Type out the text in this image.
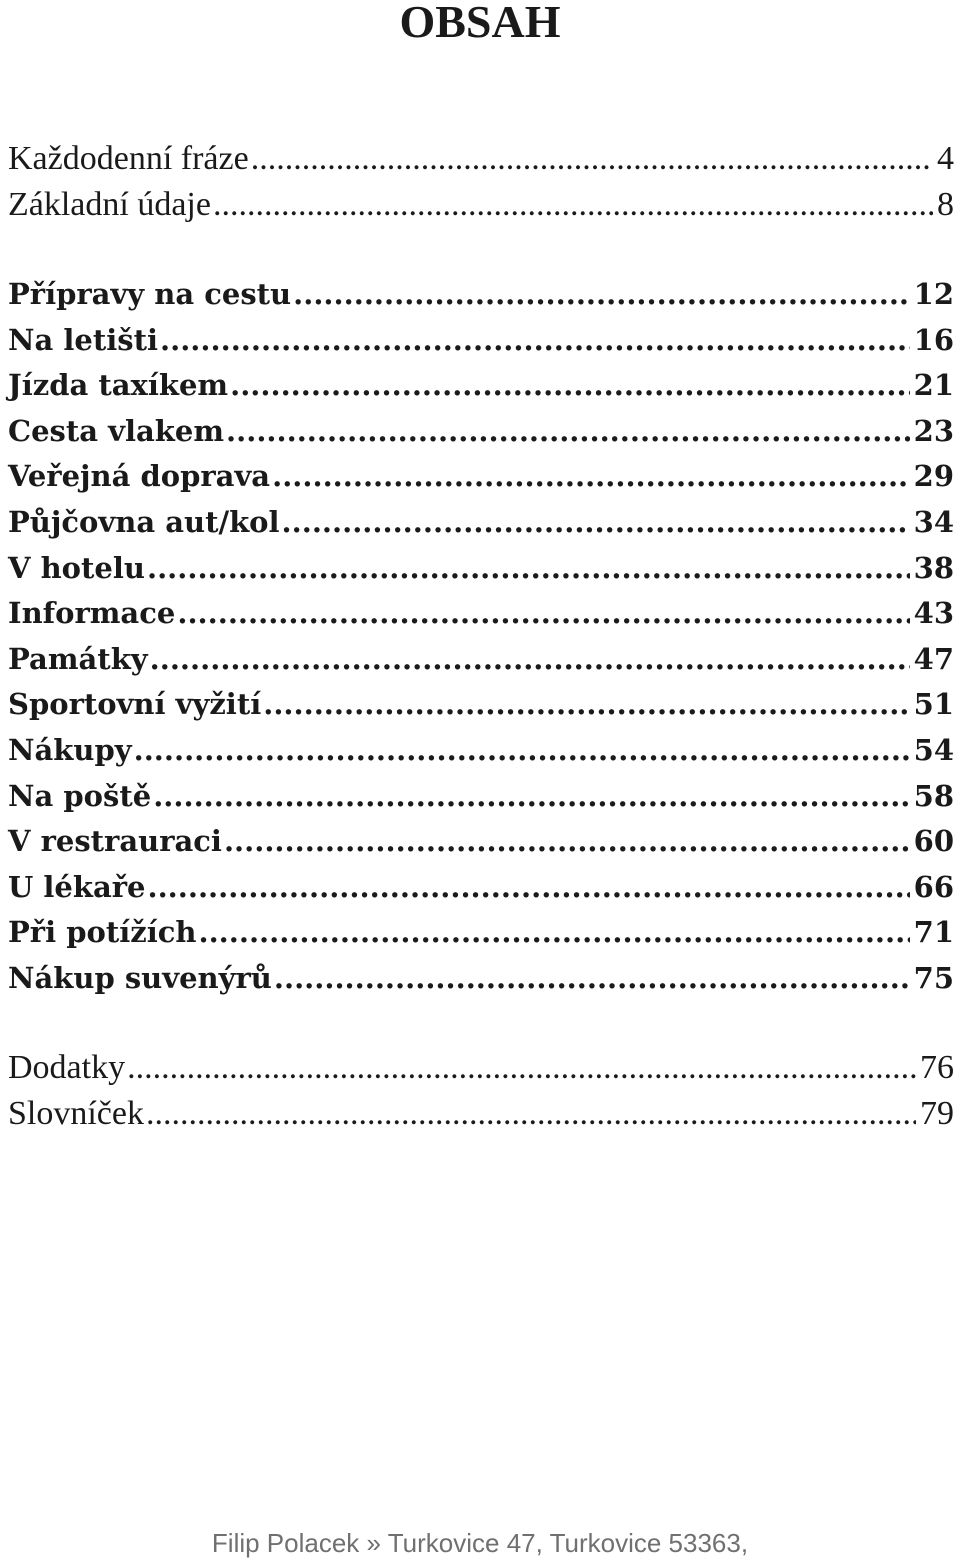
OBSAH
Každodenní fráze .....	4
Základní údaje .....	8
Přípravy na cestu .....	12
Na letišti .....	16
Jízda taxíkem .....	21
Cesta vlakem .....	23
Veřejná doprava .....	29
Půjčovna aut/kol .....	34
V hotelu .....	38
Informace .....	43
Památky .....	47
Sportovní vyžití .....	51
Nákupy .....	54
Na poště .....	58
V restrauraci .....	60
U lékaře .....	66
Při potížích .....	71
Nákup suvenýrů .....	75
Dodatky .....	76
Slovníček .....	79
Filip Polacek » Turkovice 47, Turkovice 53363,
